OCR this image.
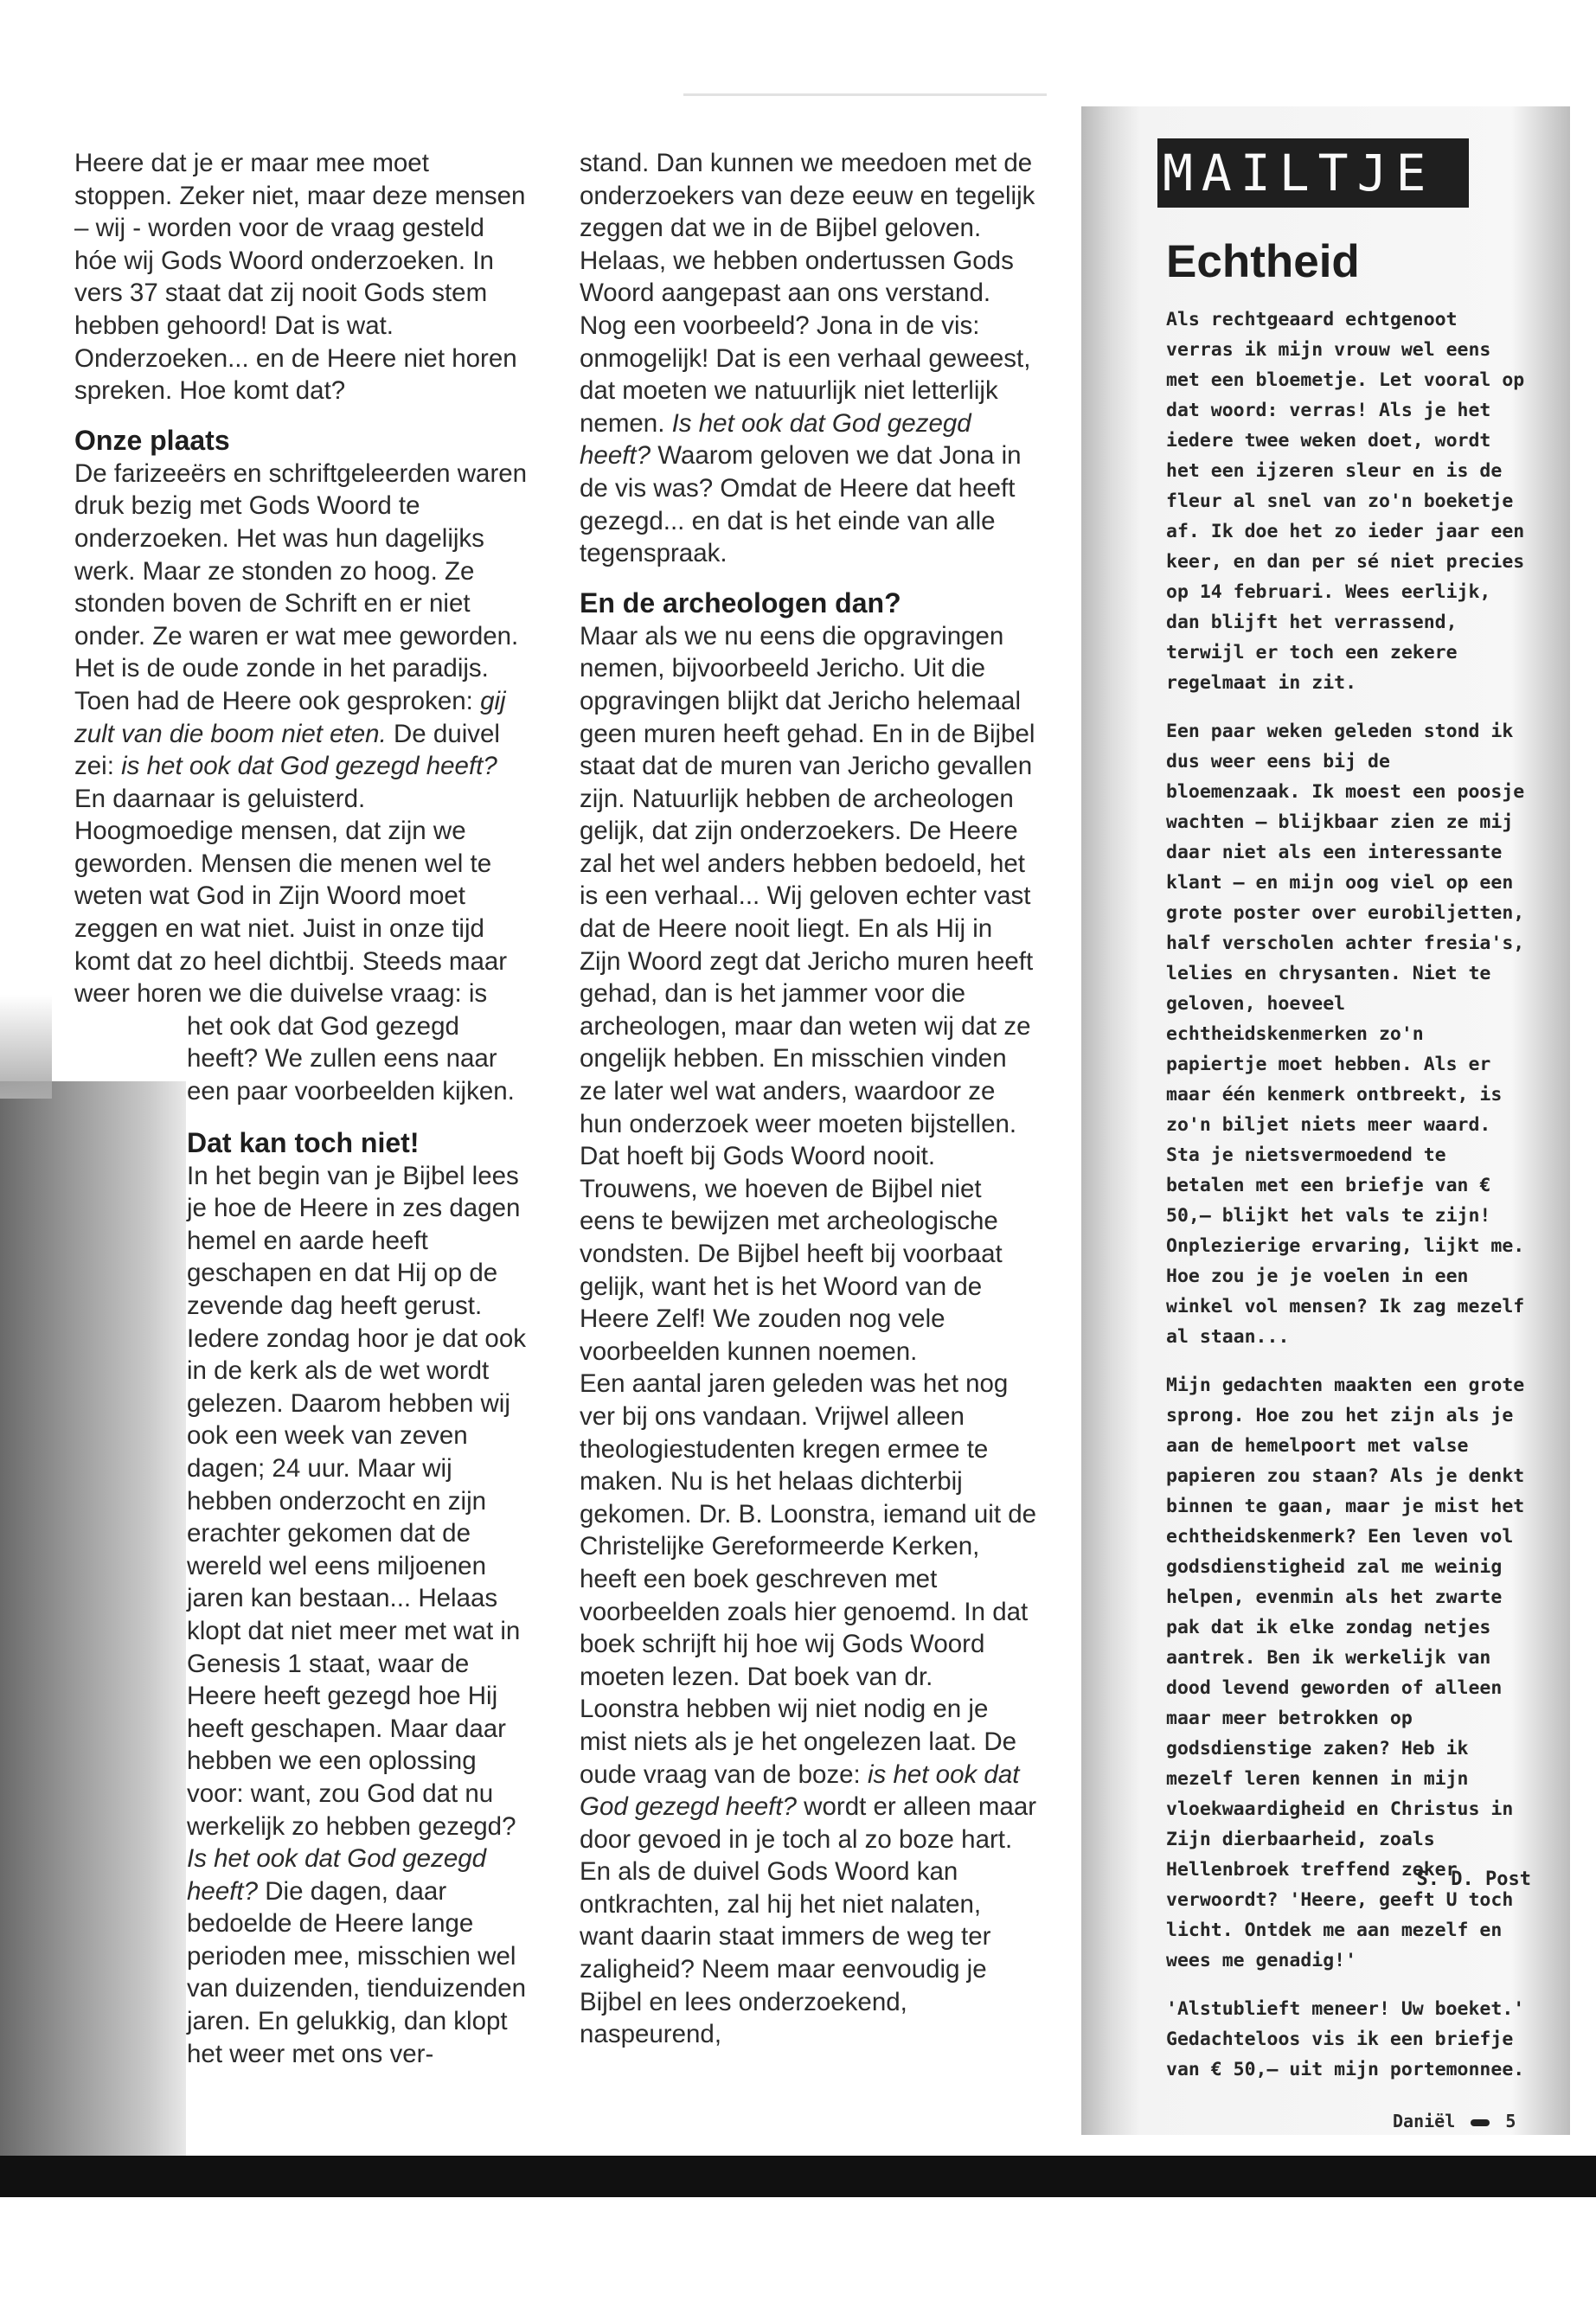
Heere dat je er maar mee moet stoppen. Zeker niet, maar deze mensen – wij - worden voor de vraag gesteld hóe wij Gods Woord onderzoeken. In vers 37 staat dat zij nooit Gods stem hebben gehoord! Dat is wat. Onderzoeken... en de Heere niet horen spreken. Hoe komt dat?

Onze plaats

De farizeeërs en schriftgeleerden waren druk bezig met Gods Woord te onderzoeken. Het was hun dagelijks werk. Maar ze stonden zo hoog. Ze stonden boven de Schrift en er niet onder. Ze waren er wat mee geworden. Het is de oude zonde in het paradijs. Toen had de Heere ook gesproken: gij zult van die boom niet eten. De duivel zei: is het ook dat God gezegd heeft? En daarnaar is geluisterd. Hoogmoedige mensen, dat zijn we geworden. Mensen die menen wel te weten wat God in Zijn Woord moet zeggen en wat niet. Juist in onze tijd komt dat zo heel dichtbij. Steeds maar weer horen we die duivelse vraag: is

het ook dat God gezegd heeft? We zullen eens naar een paar voorbeelden kijken.

Dat kan toch niet!

In het begin van je Bijbel lees je hoe de Heere in zes dagen hemel en aarde heeft geschapen en dat Hij op de zevende dag heeft gerust. Iedere zondag hoor je dat ook in de kerk als de wet wordt gelezen. Daarom hebben wij ook een week van zeven dagen; 24 uur. Maar wij hebben onderzocht en zijn erachter gekomen dat de wereld wel eens miljoenen jaren kan bestaan... Helaas klopt dat niet meer met wat in Genesis 1 staat, waar de Heere heeft gezegd hoe Hij heeft geschapen. Maar daar hebben we een oplossing voor: want, zou God dat nu werkelijk zo hebben gezegd? Is het ook dat God gezegd heeft? Die dagen, daar bedoelde de Heere lange perioden mee, misschien wel van duizenden, tienduizenden jaren. En gelukkig, dan klopt het weer met ons ver-

stand. Dan kunnen we meedoen met de onderzoekers van deze eeuw en tegelijk zeggen dat we in de Bijbel geloven. Helaas, we hebben ondertussen Gods Woord aangepast aan ons verstand.

Nog een voorbeeld? Jona in de vis: onmogelijk! Dat is een verhaal geweest, dat moeten we natuurlijk niet letterlijk nemen. Is het ook dat God gezegd heeft? Waarom geloven we dat Jona in de vis was? Omdat de Heere dat heeft gezegd... en dat is het einde van alle tegenspraak.

En de archeologen dan?

Maar als we nu eens die opgravingen nemen, bijvoorbeeld Jericho. Uit die opgravingen blijkt dat Jericho helemaal geen muren heeft gehad. En in de Bijbel staat dat de muren van Jericho gevallen zijn. Natuurlijk hebben de archeologen gelijk, dat zijn onderzoekers. De Heere zal het wel anders hebben bedoeld, het is een verhaal... Wij geloven echter vast dat de Heere nooit liegt. En als Hij in Zijn Woord zegt dat Jericho muren heeft gehad, dan is het jammer voor die archeologen, maar dan weten wij dat ze ongelijk hebben. En misschien vinden ze later wel wat anders, waardoor ze hun onderzoek weer moeten bijstellen. Dat hoeft bij Gods Woord nooit.

Trouwens, we hoeven de Bijbel niet eens te bewijzen met archeologische vondsten. De Bijbel heeft bij voorbaat gelijk, want het is het Woord van de Heere Zelf! We zouden nog vele voorbeelden kunnen noemen.

Een aantal jaren geleden was het nog ver bij ons vandaan. Vrijwel alleen theologiestudenten kregen ermee te maken. Nu is het helaas dichterbij gekomen. Dr. B. Loonstra, iemand uit de Christelijke Gereformeerde Kerken, heeft een boek geschreven met voorbeelden zoals hier genoemd. In dat boek schrijft hij hoe wij Gods Woord moeten lezen. Dat boek van dr. Loonstra hebben wij niet nodig en je mist niets als je het ongelezen laat. De oude vraag van de boze: is het ook dat God gezegd heeft? wordt er alleen maar door gevoed in je toch al zo boze hart. En als de duivel Gods Woord kan ontkrachten, zal hij het niet nalaten, want daarin staat immers de weg ter zaligheid? Neem maar eenvoudig je Bijbel en lees onderzoekend, naspeurend,

MAILTJE
Echtheid

Als rechtgeaard echtgenoot verras ik mijn vrouw wel eens met een bloemetje. Let vooral op dat woord: verras! Als je het iedere twee weken doet, wordt het een ijzeren sleur en is de fleur al snel van zo'n boeketje af. Ik doe het zo ieder jaar een keer, en dan per sé niet precies op 14 februari. Wees eerlijk, dan blijft het verrassend, terwijl er toch een zekere regelmaat in zit.

Een paar weken geleden stond ik dus weer eens bij de bloemenzaak. Ik moest een poosje wachten – blijkbaar zien ze mij daar niet als een interessante klant – en mijn oog viel op een grote poster over eurobiljetten, half verscholen achter fresia's, lelies en chrysanten. Niet te geloven, hoeveel echtheidskenmerken zo'n papiertje moet hebben. Als er maar één kenmerk ontbreekt, is zo'n biljet niets meer waard. Sta je nietsvermoedend te betalen met een briefje van € 50,– blijkt het vals te zijn! Onplezierige ervaring, lijkt me. Hoe zou je je voelen in een winkel vol mensen? Ik zag mezelf al staan...

Mijn gedachten maakten een grote sprong. Hoe zou het zijn als je aan de hemelpoort met valse papieren zou staan? Als je denkt binnen te gaan, maar je mist het echtheidskenmerk? Een leven vol godsdienstigheid zal me weinig helpen, evenmin als het zwarte pak dat ik elke zondag netjes aantrek. Ben ik werkelijk van dood levend geworden of alleen maar meer betrokken op godsdienstige zaken? Heb ik mezelf leren kennen in mijn vloekwaardigheid en Christus in Zijn dierbaarheid, zoals Hellenbroek treffend zeker verwoordt? 'Heere, geeft U toch licht. Ontdek me aan mezelf en wees me genadig!'

'Alstublieft meneer! Uw boeket.' Gedachteloos vis ik een briefje van € 50,– uit mijn portemonnee.

S. D. Post
Daniël	5
